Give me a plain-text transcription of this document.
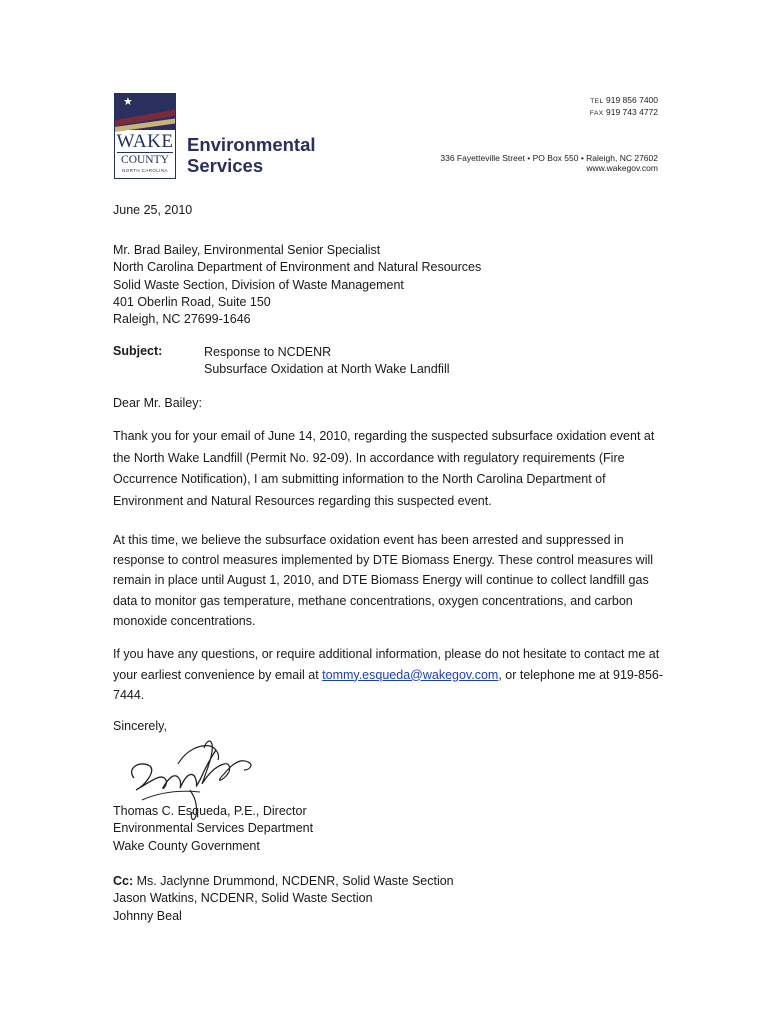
★
WAKE
COUNTY
NORTH CAROLINA
Environmental
Services
TEL 919 856 7400
FAX 919 743 4772
336 Fayetteville Street • PO Box 550 • Raleigh, NC 27602
www.wakegov.com
June 25, 2010
Mr. Brad Bailey, Environmental Senior Specialist
North Carolina Department of Environment and Natural Resources
Solid Waste Section, Division of Waste Management
401 Oberlin Road, Suite 150
Raleigh, NC 27699-1646
Subject:	Response to NCDENR
Subsurface Oxidation at North Wake Landfill
Dear Mr. Bailey:
Thank you for your email of June 14, 2010, regarding the suspected subsurface oxidation event at the North Wake Landfill (Permit No. 92-09). In accordance with regulatory requirements (Fire Occurrence Notification), I am submitting information to the North Carolina Department of Environment and Natural Resources regarding this suspected event.
At this time, we believe the subsurface oxidation event has been arrested and suppressed in response to control measures implemented by DTE Biomass Energy. These control measures will remain in place until August 1, 2010, and DTE Biomass Energy will continue to collect landfill gas data to monitor gas temperature, methane concentrations, oxygen concentrations, and carbon monoxide concentrations.
If you have any questions, or require additional information, please do not hesitate to contact me at your earliest convenience by email at tommy.esqueda@wakegov.com, or telephone me at 919-856-7444.
Sincerely,
Thomas C. Esqueda, P.E., Director
Environmental Services Department
Wake County Government
Cc: Ms. Jaclynne Drummond, NCDENR, Solid Waste Section
Jason Watkins, NCDENR, Solid Waste Section
Johnny Beal
